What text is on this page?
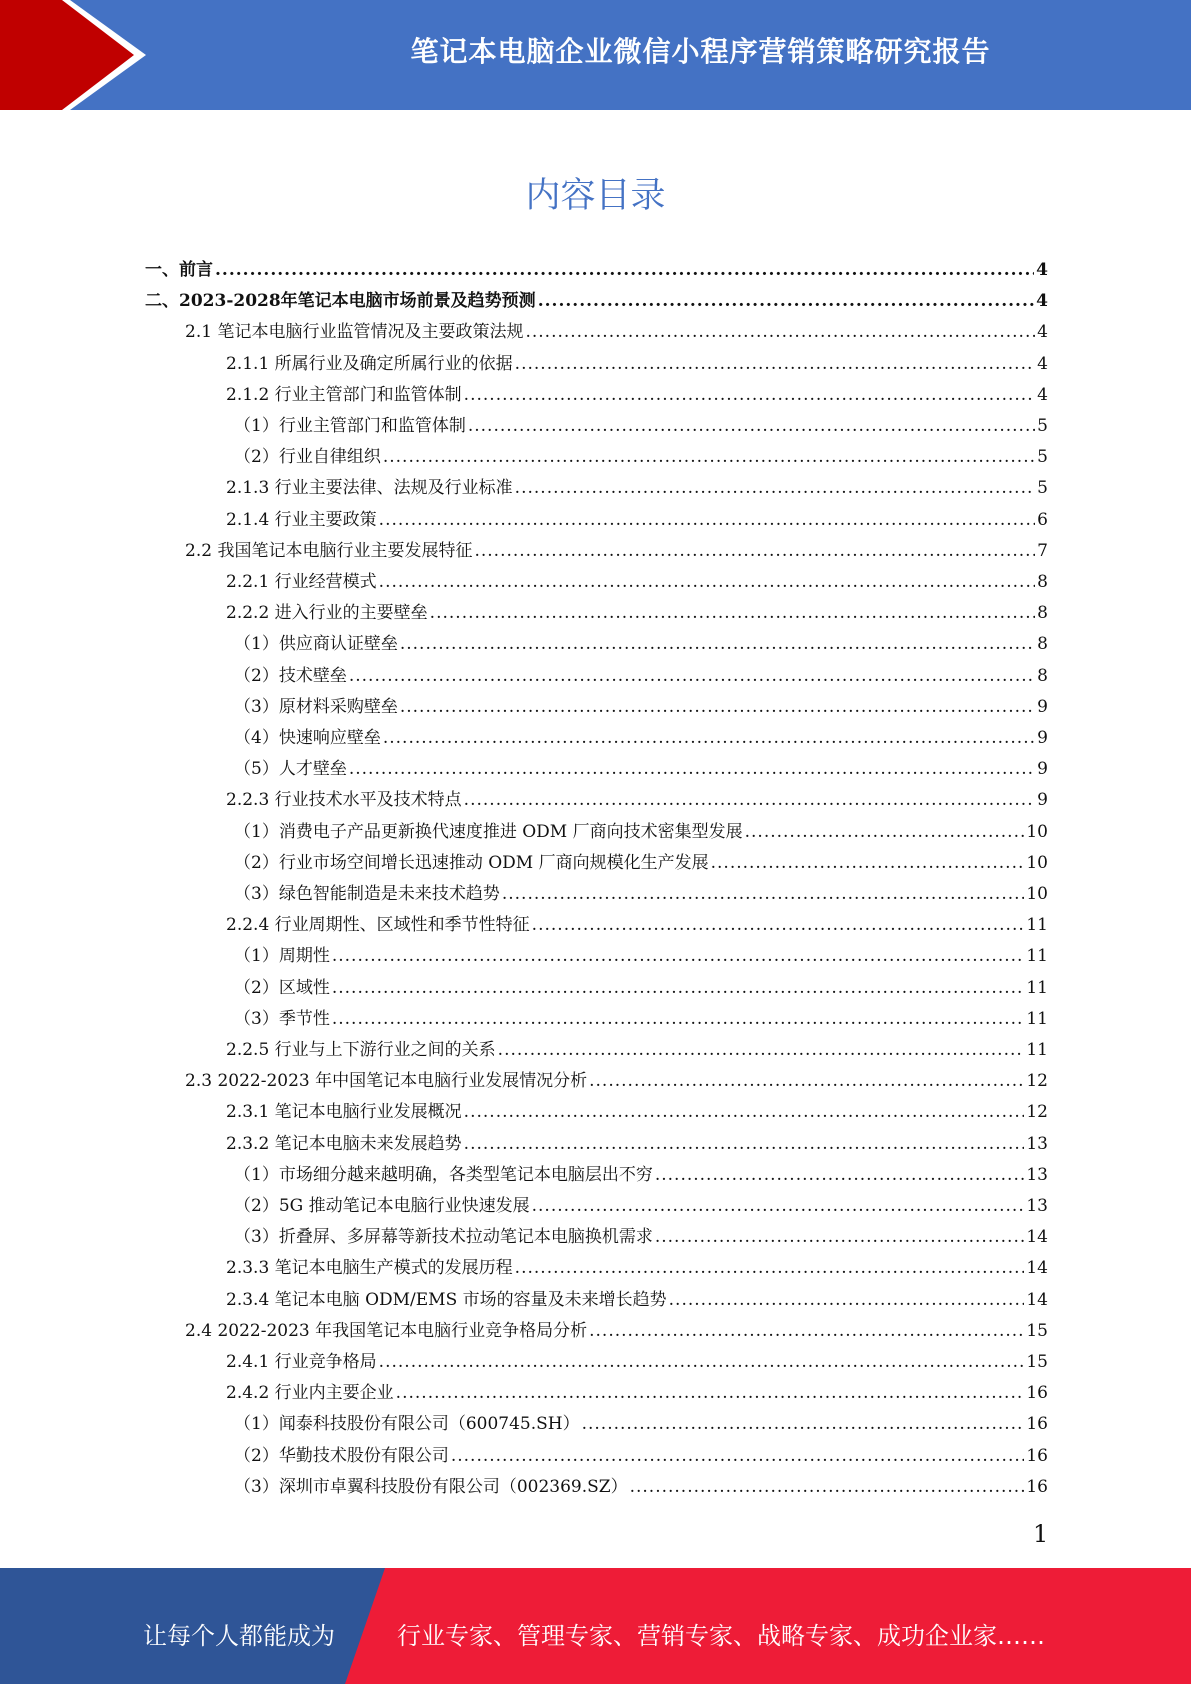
笔记本电脑企业微信小程序营销策略研究报告
内容目录
一、前言 .....	4
二、2023-2028年笔记本电脑市场前景及趋势预测 .....	4
2.1 笔记本电脑行业监管情况及主要政策法规 .....	4
2.1.1 所属行业及确定所属行业的依据 .....	4
2.1.2 行业主管部门和监管体制 .....	4
（1）行业主管部门和监管体制 .....	5
（2）行业自律组织 .....	5
2.1.3 行业主要法律、法规及行业标准 .....	5
2.1.4 行业主要政策 .....	6
2.2 我国笔记本电脑行业主要发展特征 .....	7
2.2.1 行业经营模式 .....	8
2.2.2 进入行业的主要壁垒 .....	8
（1）供应商认证壁垒 .....	8
（2）技术壁垒 .....	8
（3）原材料采购壁垒 .....	9
（4）快速响应壁垒 .....	9
（5）人才壁垒 .....	9
2.2.3 行业技术水平及技术特点 .....	9
（1）消费电子产品更新换代速度推进 ODM 厂商向技术密集型发展 .....	10
（2）行业市场空间增长迅速推动 ODM 厂商向规模化生产发展 .....	10
（3）绿色智能制造是未来技术趋势 .....	10
2.2.4 行业周期性、区域性和季节性特征 .....	11
（1）周期性 .....	11
（2）区域性 .....	11
（3）季节性 .....	11
2.2.5 行业与上下游行业之间的关系 .....	11
2.3 2022-2023 年中国笔记本电脑行业发展情况分析 .....	12
2.3.1 笔记本电脑行业发展概况 .....	12
2.3.2 笔记本电脑未来发展趋势 .....	13
（1）市场细分越来越明确，各类型笔记本电脑层出不穷 .....	13
（2）5G 推动笔记本电脑行业快速发展 .....	13
（3）折叠屏、多屏幕等新技术拉动笔记本电脑换机需求 .....	14
2.3.3 笔记本电脑生产模式的发展历程 .....	14
2.3.4 笔记本电脑 ODM/EMS 市场的容量及未来增长趋势 .....	14
2.4 2022-2023 年我国笔记本电脑行业竞争格局分析 .....	15
2.4.1 行业竞争格局 .....	15
2.4.2 行业内主要企业 .....	16
（1）闻泰科技股份有限公司（600745.SH） .....	16
（2）华勤技术股份有限公司 .....	16
（3）深圳市卓翼科技股份有限公司（002369.SZ） .....	16
1
让每个人都能成为	行业专家、管理专家、营销专家、战略专家、成功企业家……
